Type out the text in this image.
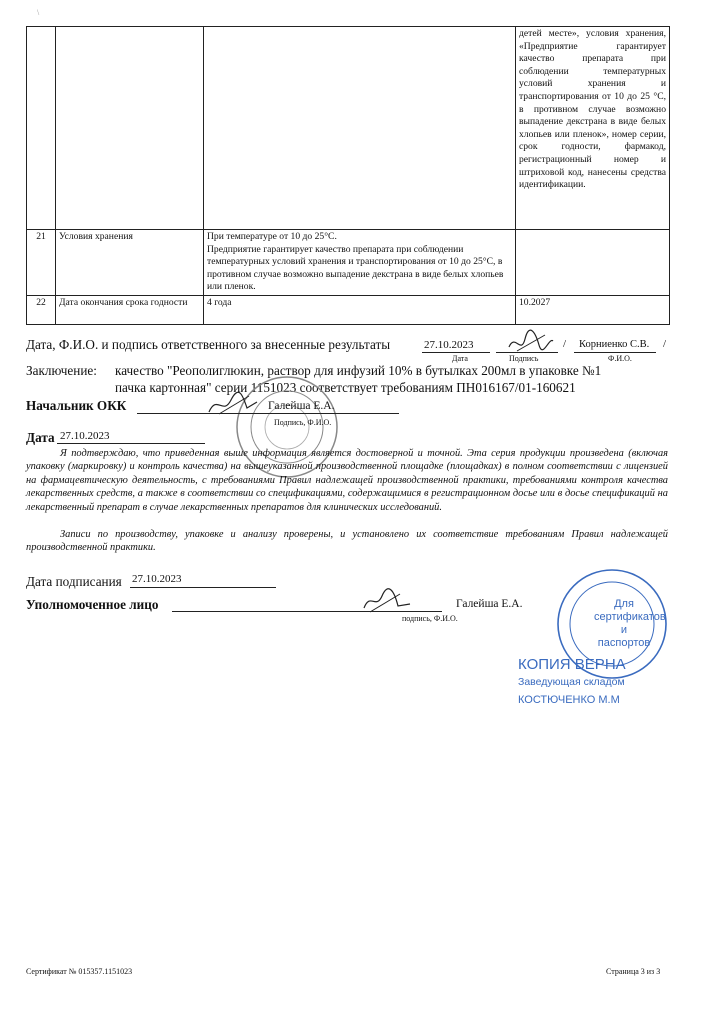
\
			детей месте», условия хранения, «Предприятие гарантирует качество препарата при соблюдении температурных условий хранения и транспортирования от 10 до 25 °С, в противном случае возможно выпадение декстрана в виде белых хлопьев или пленок», номер серии, срок годности, фармакод, регистрационный номер и штриховой код, нанесены средства идентификации.
21	Условия хранения	При температуре от 10 до 25°С.
Предприятие гарантирует качество препарата при соблюдении температурных условий хранения и транспортирования от 10 до 25°С, в противном случае возможно выпадение декстрана в виде белых хлопьев или пленок.	

22	Дата окончания срока годности	4 года	10.2027
Дата, Ф.И.О. и подпись ответственного за внесенные результаты	27.10.2023	/ Корниенко С.В. /
Дата	Подпись	Ф.И.О.
Заключение: качество "Реополиглюкин, раствор для инфузий 10% в бутылках 200мл в упаковке №1
пачка картонная" серии 1151023 соответствует требованиям ПН016167/01-160621
Начальник ОКК	Галейша Е.А.
Подпись, Ф.И.О.
Дата 27.10.2023
Я подтверждаю, что приведенная выше информация является достоверной и точной. Эта серия продукции произведена (включая упаковку (маркировку) и контроль качества) на вышеуказанной производственной площадке (площадках) в полном соответствии с лицензией на фармацевтическую деятельность, с требованиями Правил надлежащей производственной практики, требованиями контроля качества лекарственных средств, а также в соответствии со спецификациями, содержащимися в регистрационном досье или в досье спецификаций на лекарственный препарат в случае лекарственных препаратов для клинических исследований.
Записи по производству, упаковке и анализу проверены, и установлено их соответствие требованиям Правил надлежащей производственной практики.
Дата подписания 27.10.2023
Уполномоченное лицо	Галейша Е.А.
подпись, Ф.И.О.
Для
сертификатов
и паспортов
КОПИЯ ВЕРНА
Заведующая складом
КОСТЮЧЕНКО М.М
Сертификат № 015357.1151023	Страница 3 из 3
